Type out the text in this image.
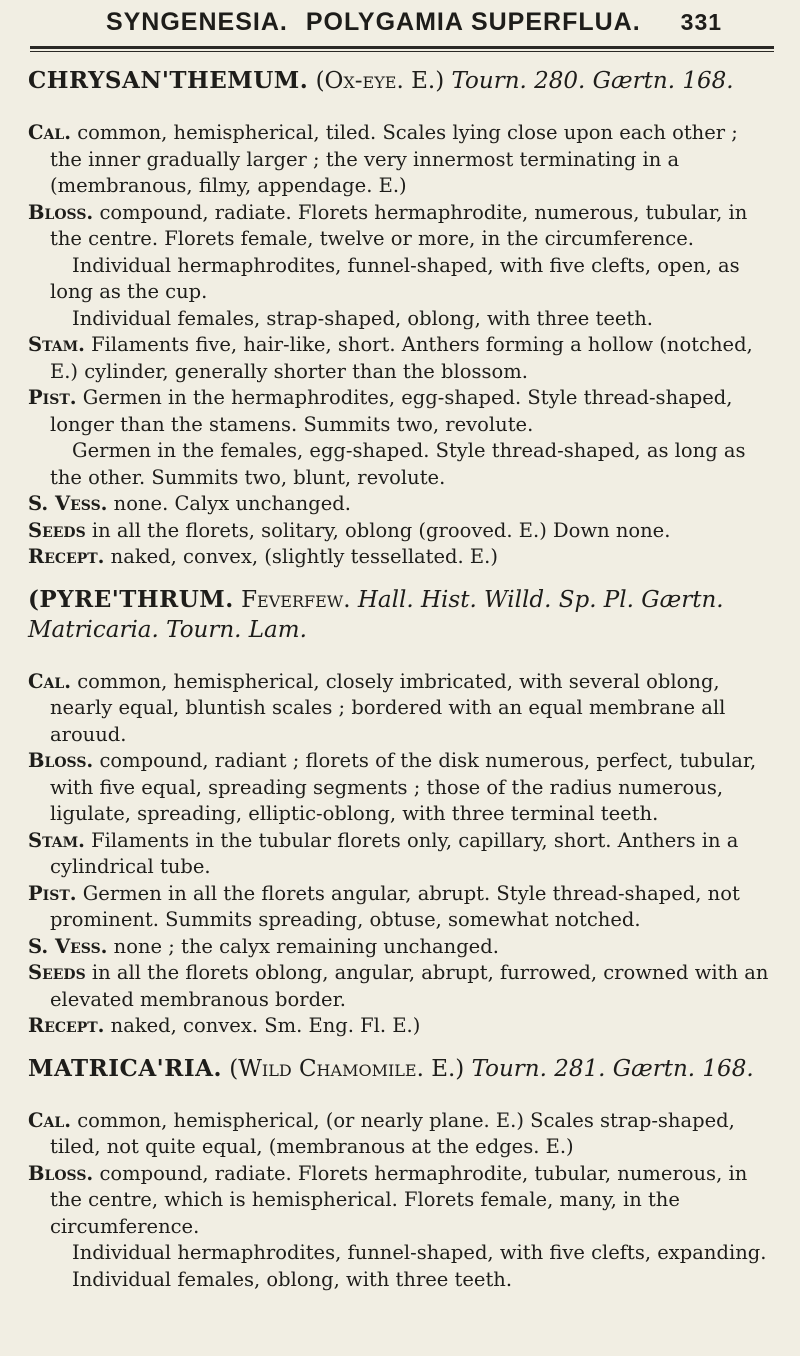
SYNGENESIA. POLYGAMIA SUPERFLUA. 331
CHRYSAN'THEMUM. (Ox-eye. E.) Tourn. 280. Gærtn. 168.

Cal. common, hemispherical, tiled. Scales lying close upon each other ; the inner gradually larger ; the very innermost terminating in a (membranous, filmy, appendage. E.)

Bloss. compound, radiate. Florets hermaphrodite, numerous, tubular, in the centre. Florets female, twelve or more, in the circumference.

Individual hermaphrodites, funnel-shaped, with five clefts, open, as long as the cup.

Individual females, strap-shaped, oblong, with three teeth.

Stam. Filaments five, hair-like, short. Anthers forming a hollow (notched, E.) cylinder, generally shorter than the blossom.

Pist. Germen in the hermaphrodites, egg-shaped. Style thread-shaped, longer than the stamens. Summits two, revolute.

Germen in the females, egg-shaped. Style thread-shaped, as long as the other. Summits two, blunt, revolute.

S. Vess. none. Calyx unchanged.

Seeds in all the florets, solitary, oblong (grooved. E.) Down none.

Recept. naked, convex, (slightly tessellated. E.)

(PYRE'THRUM. Feverfew. Hall. Hist. Willd. Sp. Pl. Gærtn. Matricaria. Tourn. Lam.

Cal. common, hemispherical, closely imbricated, with several oblong, nearly equal, bluntish scales ; bordered with an equal membrane all arouud.

Bloss. compound, radiant ; florets of the disk numerous, perfect, tubular, with five equal, spreading segments ; those of the radius numerous, ligulate, spreading, elliptic-oblong, with three terminal teeth.

Stam. Filaments in the tubular florets only, capillary, short. Anthers in a cylindrical tube.

Pist. Germen in all the florets angular, abrupt. Style thread-shaped, not prominent. Summits spreading, obtuse, somewhat notched.

S. Vess. none ; the calyx remaining unchanged.

Seeds in all the florets oblong, angular, abrupt, furrowed, crowned with an elevated membranous border.

Recept. naked, convex. Sm. Eng. Fl. E.)

MATRICA'RIA. (Wild Chamomile. E.) Tourn. 281. Gærtn. 168.

Cal. common, hemispherical, (or nearly plane. E.) Scales strap-shaped, tiled, not quite equal, (membranous at the edges. E.)

Bloss. compound, radiate. Florets hermaphrodite, tubular, numerous, in the centre, which is hemispherical. Florets female, many, in the circumference.

Individual hermaphrodites, funnel-shaped, with five clefts, expanding.

Individual females, oblong, with three teeth.
